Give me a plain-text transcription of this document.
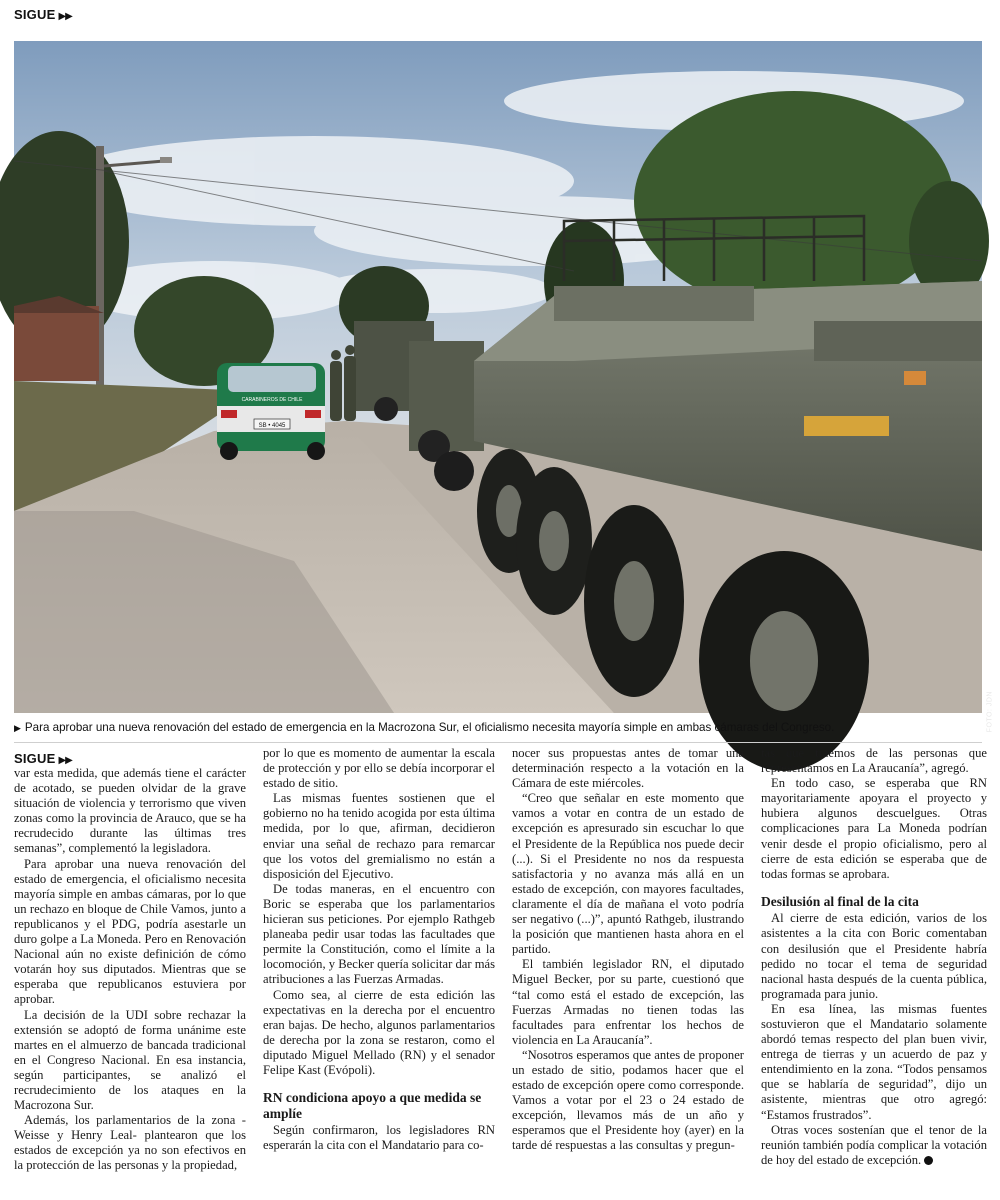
SIGUE ▶▶
SB • 4045
CARABINEROS DE CHILE
FOTO: JDN
▶ Para aprobar una nueva renovación del estado de emergencia en la Macrozona Sur, el oficialismo necesita mayoría simple en ambas cámaras del Congreso.
SIGUE ▶▶

var esta medida, que además tiene el carácter de acotado, se pueden olvidar de la grave situación de violencia y terrorismo que viven zonas como la provincia de Arauco, que se ha recrudecido durante las últimas tres semanas”, complementó la legisladora.

Para aprobar una nueva renovación del estado de emergencia, el oficialismo necesita mayoría simple en ambas cámaras, por lo que un rechazo en bloque de Chile Vamos, junto a republicanos y el PDG, podría asestarle un duro golpe a La Moneda. Pero en Renovación Nacional aún no existe definición de cómo votarán hoy sus diputados. Mientras que se esperaba que republicanos estuviera por aprobar.

La decisión de la UDI sobre rechazar la extensión se adoptó de forma unánime este martes en el almuerzo de bancada tradicional en el Congreso Nacional. En esa instancia, según participantes, se analizó el recrudecimiento de los ataques en la Macrozona Sur.

Además, los parlamentarios de la zona - Weisse y Henry Leal- plantearon que los estados de excepción ya no son efectivos en la protección de las personas y la propiedad,

por lo que es momento de aumentar la escala de protección y por ello se debía incorporar el estado de sitio.

Las mismas fuentes sostienen que el gobierno no ha tenido acogida por esta última medida, por lo que, afirman, decidieron enviar una señal de rechazo para remarcar que los votos del gremialismo no están a disposición del Ejecutivo.

De todas maneras, en el encuentro con Boric se esperaba que los parlamentarios hicieran sus peticiones. Por ejemplo Rathgeb planeaba pedir usar todas las facultades que permite la Constitución, como el límite a la locomoción, y Becker quería solicitar dar más atribuciones a las Fuerzas Armadas.

Como sea, al cierre de esta edición las expectativas en la derecha por el encuentro eran bajas. De hecho, algunos parlamentarios de derecha por la zona se restaron, como el diputado Miguel Mellado (RN) y el senador Felipe Kast (Evópoli).

RN condiciona apoyo a que medida se amplíe

Según confirmaron, los legisladores RN esperarán la cita con el Mandatario para co-

nocer sus propuestas antes de tomar una determinación respecto a la votación en la Cámara de este miércoles.

“Creo que señalar en este momento que vamos a votar en contra de un estado de excepción es apresurado sin escuchar lo que el Presidente de la República nos puede decir (...). Si el Presidente no nos da respuesta satisfactoria y no avanza más allá en un estado de excepción, con mayores facultades, claramente el día de mañana el voto podría ser negativo (...)”, apuntó Rathgeb, ilustrando la posición que mantienen hasta ahora en el partido.

El también legislador RN, el diputado Miguel Becker, por su parte, cuestionó que “tal como está el estado de excepción, las Fuerzas Armadas no tienen todas las facultades para enfrentar los hechos de violencia en La Araucanía”.

“Nosotros esperamos que antes de proponer un estado de sitio, podamos hacer que el estado de excepción opere como corresponde. Vamos a votar por el 23 o 24 estado de excepción, llevamos más de un año y esperamos que el Presidente hoy (ayer) en la tarde dé respuestas a las consultas y pregun-

tas que traemos de las personas que representamos en La Araucanía”, agregó.

En todo caso, se esperaba que RN mayoritariamente apoyara el proyecto y hubiera algunos descuelgues. Otras complicaciones para La Moneda podrían venir desde el propio oficialismo, pero al cierre de esta edición se esperaba que de todas formas se aprobara.

Desilusión al final de la cita

Al cierre de esta edición, varios de los asistentes a la cita con Boric comentaban con desilusión que el Presidente habría pedido no tocar el tema de seguridad nacional hasta después de la cuenta pública, programada para junio.

En esa línea, las mismas fuentes sostuvieron que el Mandatario solamente abordó temas respecto del plan buen vivir, entrega de tierras y un acuerdo de paz y entendimiento en la zona. “Todos pensamos que se hablaría de seguridad”, dijo un asistente, mientras que otro agregó: “Estamos frustrados”.

Otras voces sostenían que el tenor de la reunión también podía complicar la votación de hoy del estado de excepción.
